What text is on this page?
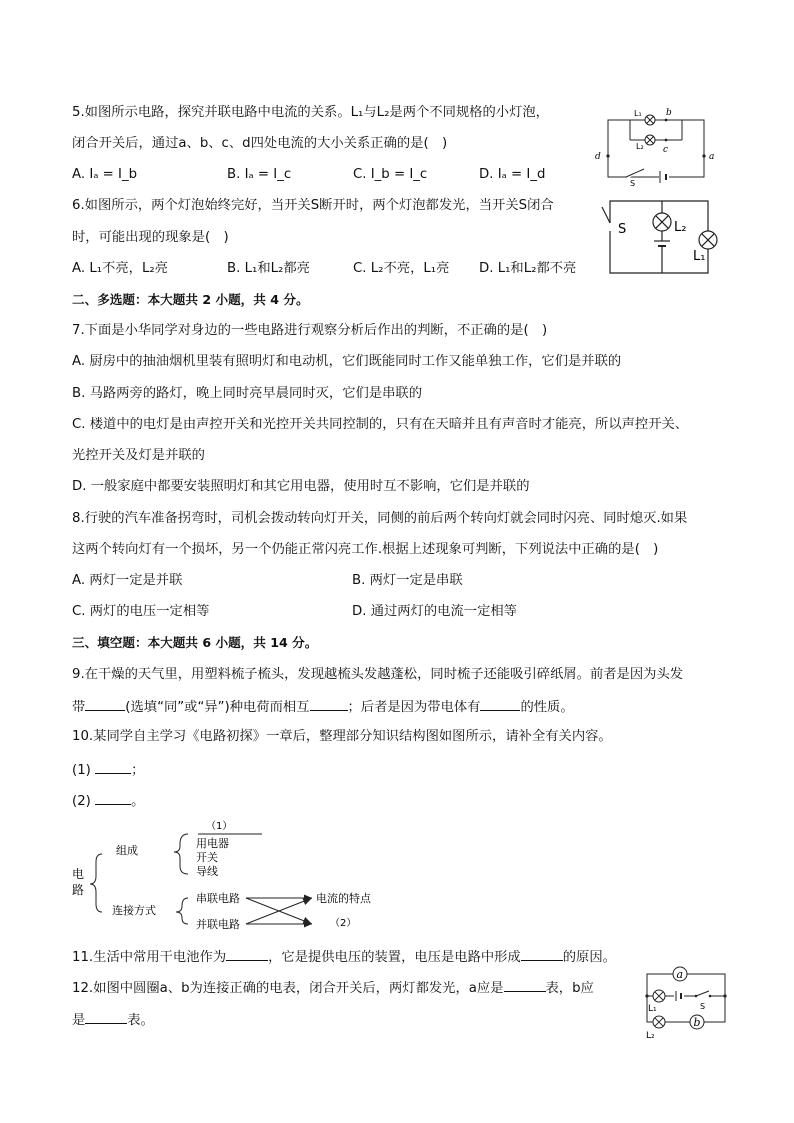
5.如图所示电路，探究并联电路中电流的关系。L₁与L₂是两个不同规格的小灯泡，
闭合开关后，通过a、b、c、d四处电流的大小关系正确的是(　)
A. Iₐ = I_b	B. Iₐ = I_c	C. I_b = I_c	D. Iₐ = I_d
L₁
L₂
b
c
d	a
S
6.如图所示，两个灯泡始终完好，当开关S断开时，两个灯泡都发光，当开关S闭合
时，可能出现的现象是(　)
A. L₁不亮，L₂亮	B. L₁和L₂都亮	C. L₂不亮，L₁亮 D. L₁和L₂都不亮
S	L₂
L₁
二、多选题：本大题共 2 小题，共 4 分。
7.下面是小华同学对身边的一些电路进行观察分析后作出的判断，不正确的是(　)
A. 厨房中的抽油烟机里装有照明灯和电动机，它们既能同时工作又能单独工作，它们是并联的
B. 马路两旁的路灯，晚上同时亮早晨同时灭，它们是串联的
C. 楼道中的电灯是由声控开关和光控开关共同控制的，只有在天暗并且有声音时才能亮，所以声控开关、
光控开关及灯是并联的
D. 一般家庭中都要安装照明灯和其它用电器，使用时互不影响，它们是并联的
8.行驶的汽车准备拐弯时，司机会拨动转向灯开关，同侧的前后两个转向灯就会同时闪亮、同时熄灭.如果
这两个转向灯有一个损坏，另一个仍能正常闪亮工作.根据上述现象可判断，下列说法中正确的是(　)
A. 两灯一定是并联	B. 两灯一定是串联
C. 两灯的电压一定相等	D. 通过两灯的电流一定相等
三、填空题：本大题共 6 小题，共 14 分。
9.在干燥的天气里，用塑料梳子梳头，发现越梳头发越蓬松，同时梳子还能吸引碎纸屑。前者是因为头发
带	(选填“同”或“异”)种电荷而相互	；后者是因为带电体有	的性质。
10.某同学自主学习《电路初探》一章后，整理部分知识结构图如图所示，请补全有关内容。
(1)	；
(2)	。
电 路
组成
（1）
用电器
开关
导线
连接方式
串联电路
并联电路
电流的特点
（2）
11.生活中常用干电池作为	，它是提供电压的装置，电压是电路中形成	的原因。
12.如图中圆圈a、b为连接正确的电表，闭合开关后，两灯都发光，a应是	表，b应
是	表。
a
b
L₁
L₂
S
